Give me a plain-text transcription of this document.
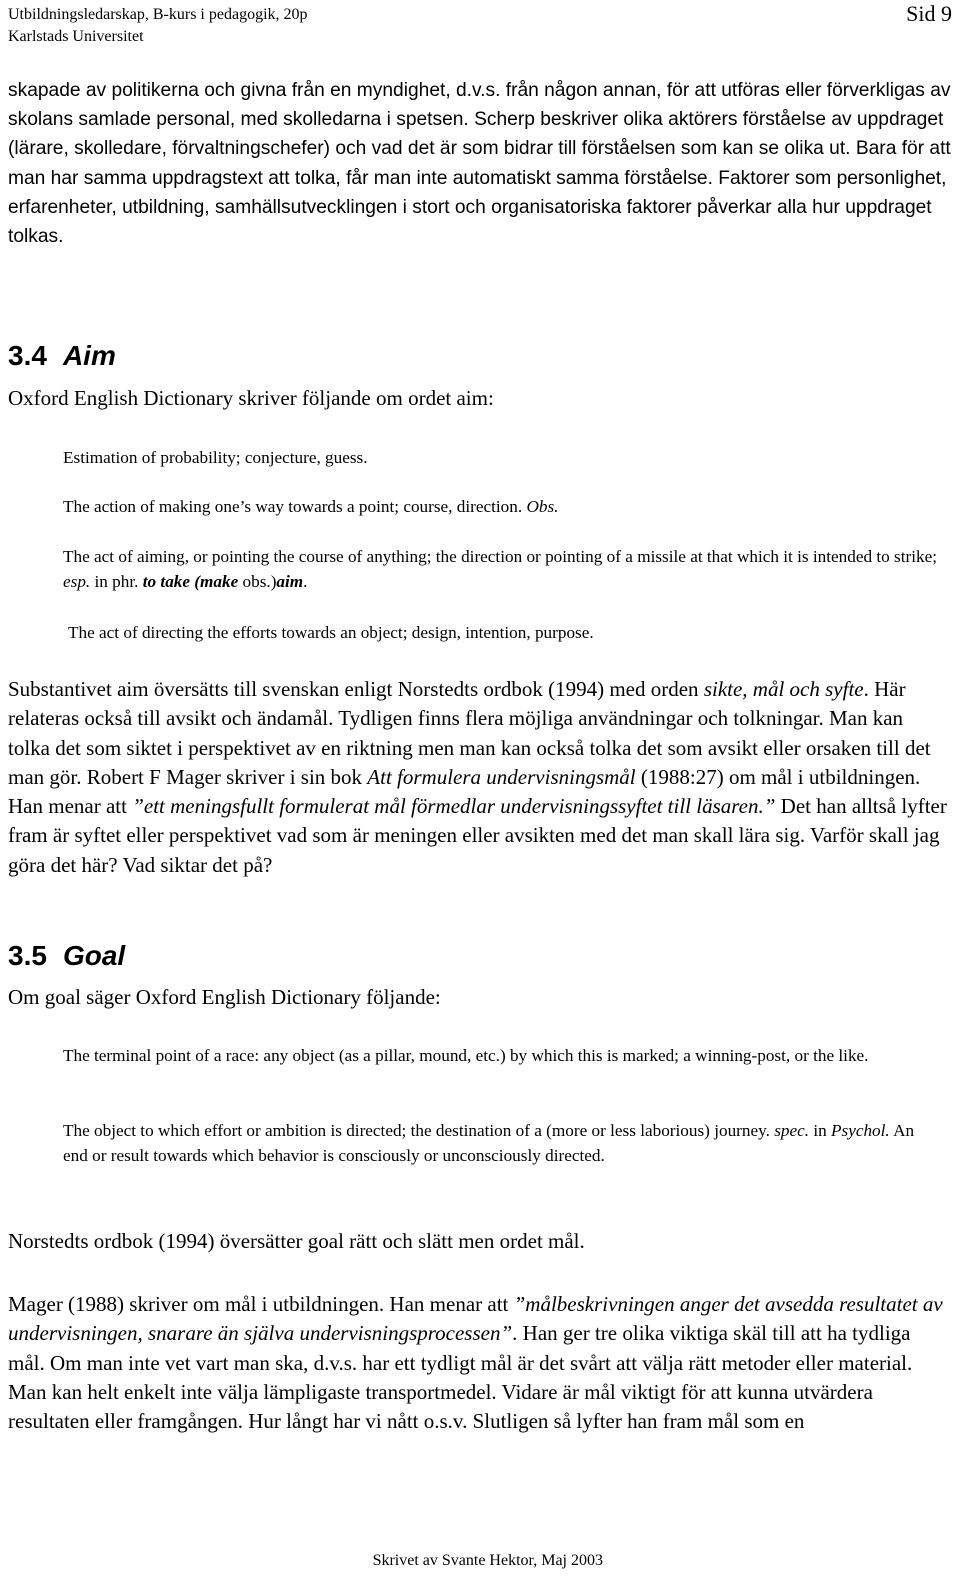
Utbildningsledarskap, B-kurs i pedagogik, 20p
Karlstads Universitet
Sid 9
skapade av politikerna och givna från en myndighet, d.v.s. från någon annan, för att utföras eller förverkligas av skolans samlade personal, med skolledarna i spetsen. Scherp beskriver olika aktörers förståelse av uppdraget (lärare, skolledare, förvaltningschefer) och vad det är som bidrar till förståelsen som kan se olika ut. Bara för att man har samma uppdragstext att tolka, får man inte automatiskt samma förståelse. Faktorer som personlighet, erfarenheter, utbildning, samhällsutvecklingen i stort och organisatoriska faktorer påverkar alla hur uppdraget tolkas.
3.4 Aim
Oxford English Dictionary skriver följande om ordet aim:
Estimation of probability; conjecture, guess.
The action of making one’s way towards a point; course, direction. Obs.
The act of aiming, or pointing the course of anything; the direction or pointing of a missile at that which it is intended to strike; esp. in phr. to take (make obs.)aim.
The act of directing the efforts towards an object; design, intention, purpose.
Substantivet aim översätts till svenskan enligt Norstedts ordbok (1994) med orden sikte, mål och syfte. Här relateras också till avsikt och ändamål. Tydligen finns flera möjliga användningar och tolkningar. Man kan tolka det som siktet i perspektivet av en riktning men man kan också tolka det som avsikt eller orsaken till det man gör. Robert F Mager skriver i sin bok Att formulera undervisningsmål (1988:27) om mål i utbildningen. Han menar att ”ett meningsfullt formulerat mål förmedlar undervisningssyftet till läsaren.” Det han alltså lyfter fram är syftet eller perspektivet vad som är meningen eller avsikten med det man skall lära sig. Varför skall jag göra det här? Vad siktar det på?
3.5 Goal
Om goal säger Oxford English Dictionary följande:
The terminal point of a race: any object (as a pillar, mound, etc.) by which this is marked; a winning-post, or the like.
The object to which effort or ambition is directed; the destination of a (more or less laborious) journey. spec. in Psychol. An end or result towards which behavior is consciously or unconsciously directed.
Norstedts ordbok (1994) översätter goal rätt och slätt men ordet mål.
Mager (1988) skriver om mål i utbildningen. Han menar att ”målbeskrivningen anger det avsedda resultatet av undervisningen, snarare än själva undervisningsprocessen”. Han ger tre olika viktiga skäl till att ha tydliga mål. Om man inte vet vart man ska, d.v.s. har ett tydligt mål är det svårt att välja rätt metoder eller material. Man kan helt enkelt inte välja lämpligaste transportmedel. Vidare är mål viktigt för att kunna utvärdera resultaten eller framgången. Hur långt har vi nått o.s.v. Slutligen så lyfter han fram mål som en
Skrivet av Svante Hektor, Maj 2003
